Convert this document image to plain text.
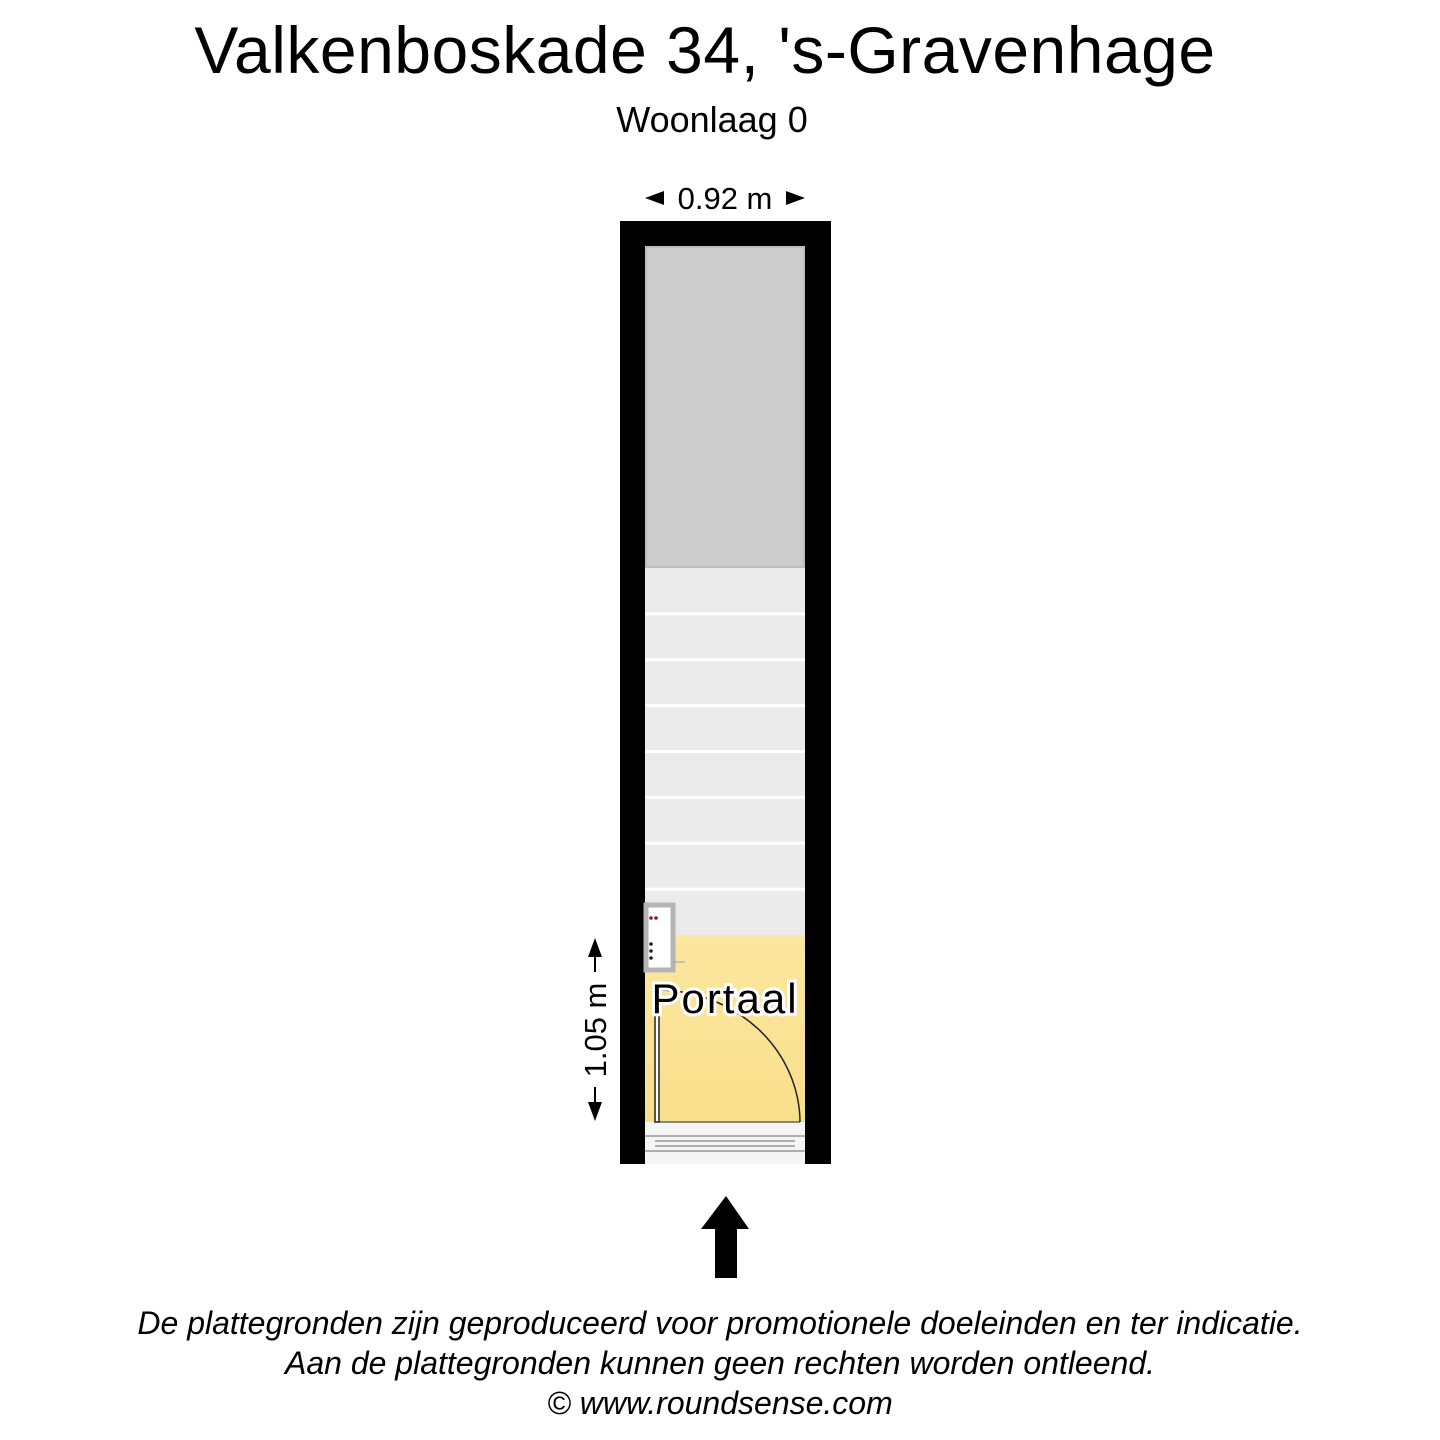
Valkenboskade 34, 's-Gravenhage
Woonlaag 0
0.92 m
1.05 m Portaal
De plattegronden zijn geproduceerd voor promotionele doeleinden en ter indicatie.
Aan de plattegronden kunnen geen rechten worden ontleend.
© www.roundsense.com
